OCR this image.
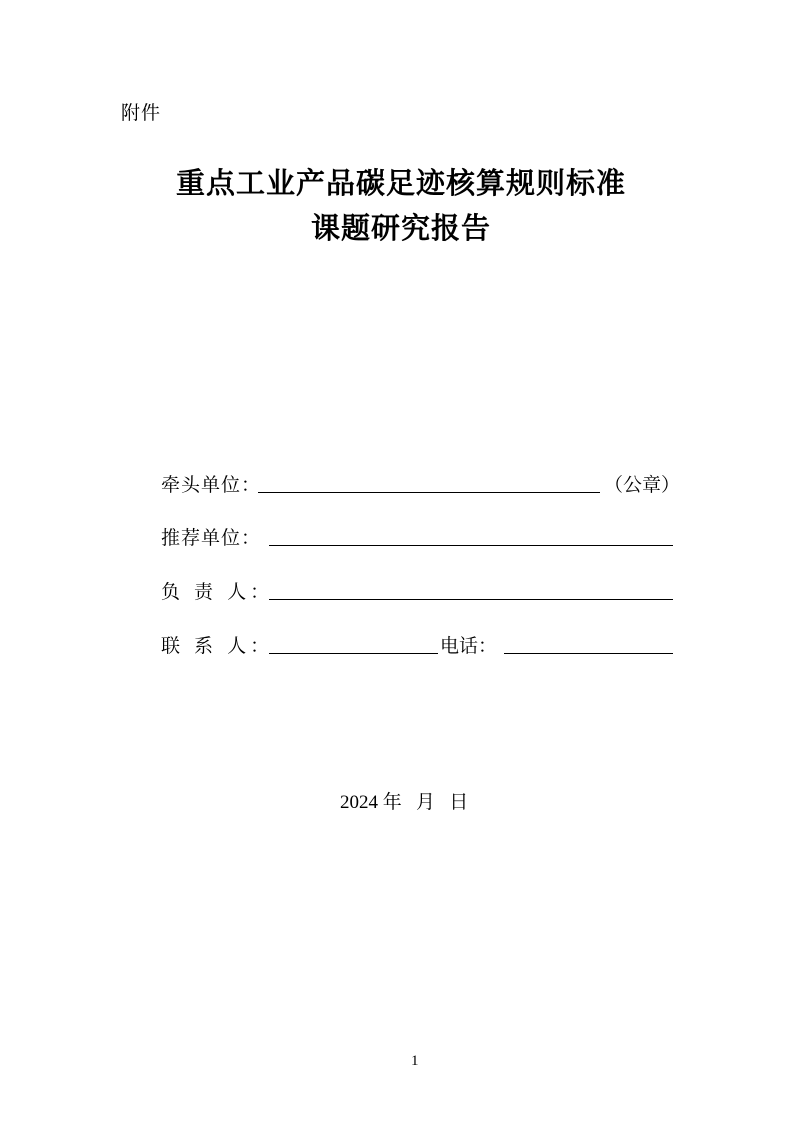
附件
重点工业产品碳足迹核算规则标准
课题研究报告
牵头单位：	（公章）
推荐单位：
负 责 人：
联 系 人：	电话：
2024 年   月   日
1
